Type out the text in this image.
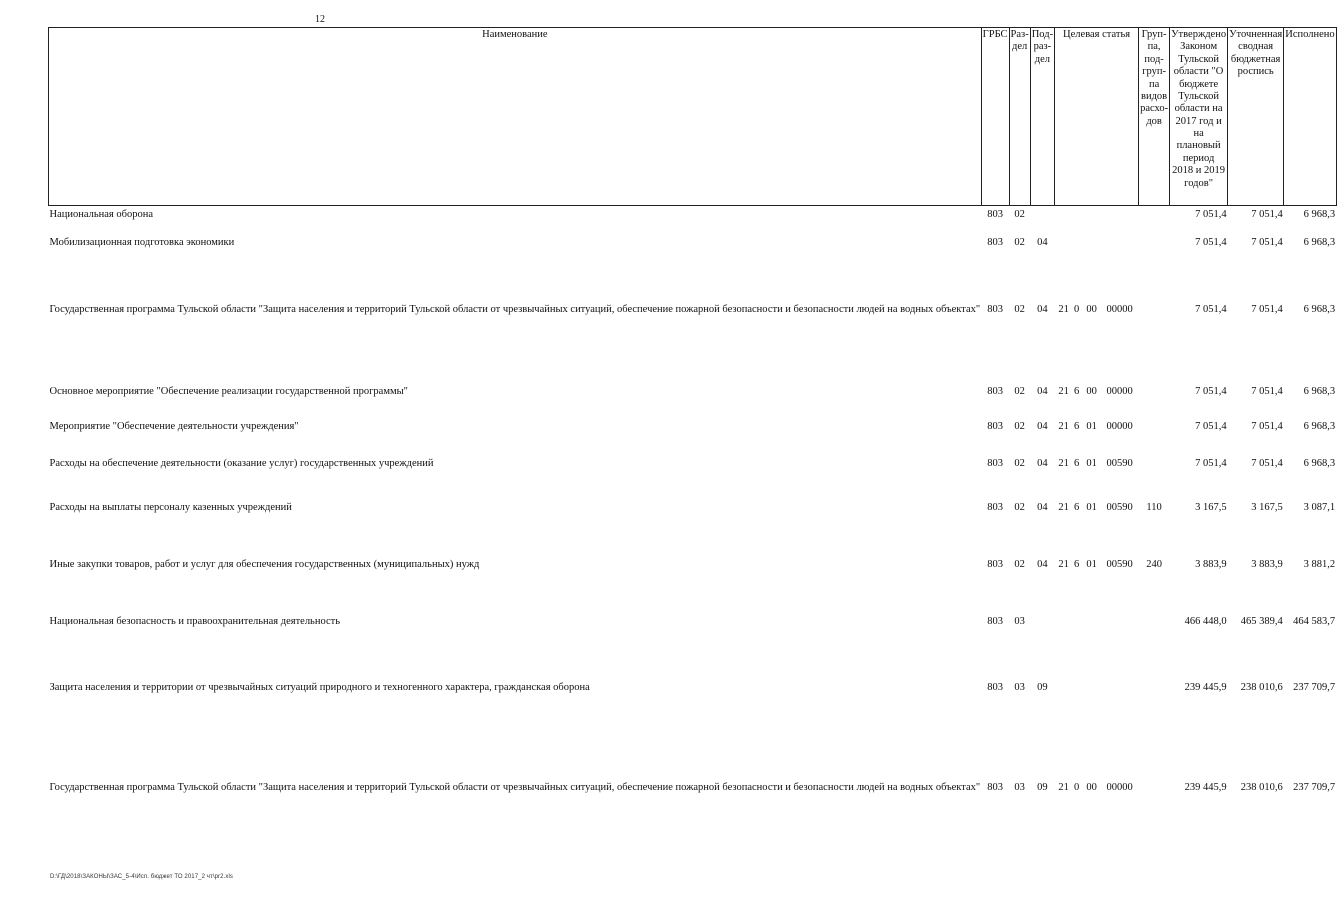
12
Наименование	ГРБС	Раз-дел	Под-раз-дел	Целевая статья	Груп-па, под-груп-па видов расхо-дов	Утверждено Законом Тульской области "О бюджете Тульской области на 2017 год и на плановый период 2018 и 2019 годов"	Уточненная сводная бюджетная роспись	Исполнено
Национальная оборона	803	02				7 051,4	7 051,4	6 968,3
Мобилизационная подготовка экономики	803	02	04			7 051,4	7 051,4	6 968,3
Государственная программа Тульской области "Защита населения и территорий Тульской области от чрезвычайных ситуаций, обеспечение пожарной безопасности и безопасности людей на водных объектах"	803	02	04	21 0 00 00000		7 051,4	7 051,4	6 968,3
Основное мероприятие "Обеспечение реализации государственной программы"	803	02	04	21 6 00 00000		7 051,4	7 051,4	6 968,3
Мероприятие "Обеспечение деятельности учреждения"	803	02	04	21 6 01 00000		7 051,4	7 051,4	6 968,3
Расходы на обеспечение деятельности (оказание услуг) государственных учреждений	803	02	04	21 6 01 00590		7 051,4	7 051,4	6 968,3
Расходы на выплаты персоналу казенных учреждений	803	02	04	21 6 01 00590	110	3 167,5	3 167,5	3 087,1
Иные закупки товаров, работ и услуг для обеспечения государственных (муниципальных) нужд	803	02	04	21 6 01 00590	240	3 883,9	3 883,9	3 881,2
Национальная безопасность и правоохранительная деятельность	803	03				466 448,0	465 389,4	464 583,7
Защита населения и территории от чрезвычайных ситуаций природного и техногенного характера, гражданская оборона	803	03	09			239 445,9	238 010,6	237 709,7
Государственная программа Тульской области "Защита населения и территорий Тульской области от чрезвычайных ситуаций, обеспечение пожарной безопасности и безопасности людей на водных объектах"	803	03	09	21 0 00 00000		239 445,9	238 010,6	237 709,7
D:\ГД\2018\ЗАКОНЫ\ЗАС_5-4\Исп. бюджет ТО 2017_2 чт\pr2.xls
